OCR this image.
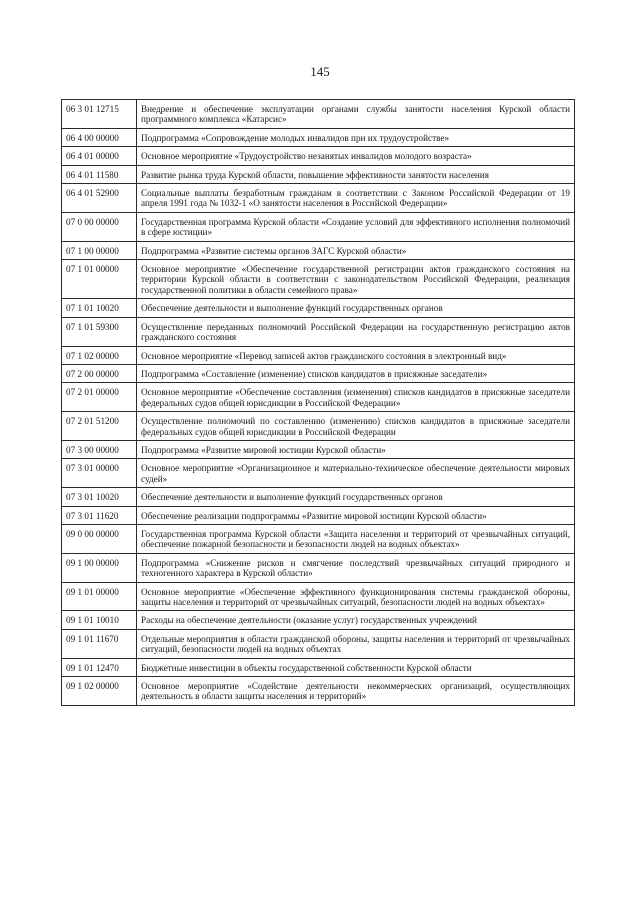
145
06 3 01 12715	Внедрение и обеспечение эксплуатации органами службы занятости населения Курской области программного комплекса «Катарсис»
06 4 00 00000	Подпрограмма «Сопровождение молодых инвалидов при их трудоустройстве»
06 4 01 00000	Основное мероприятие «Трудоустройство незанятых инвалидов молодого возраста»
06 4 01 11580	Развитие рынка труда Курской области, повышение эффективности занятости населения
06 4 01 52900	Социальные выплаты безработным гражданам в соответствии с Законом Российской Федерации от 19 апреля 1991 года № 1032-1 «О занятости населения в Российской Федерации»
07 0 00 00000	Государственная программа Курской области «Создание условий для эффективного исполнения полномочий в сфере юстиции»
07 1 00 00000	Подпрограмма «Развитие системы органов ЗАГС Курской области»
07 1 01 00000	Основное мероприятие «Обеспечение государственной регистрации актов гражданского состояния на территории Курской области в соответствии с законодательством Российской Федерации, реализация государственной политики в области семейного права»
07 1 01 10020	Обеспечение деятельности и выполнение функций государственных органов
07 1 01 59300	Осуществление переданных полномочий Российской Федерации на государственную регистрацию актов гражданского состояния
07 1 02 00000	Основное мероприятие «Перевод записей актов гражданского состояния в электронный вид»
07 2 00 00000	Подпрограмма «Составление (изменение) списков кандидатов в присяжные заседатели»
07 2 01 00000	Основное мероприятие «Обеспечение составления (изменения) списков кандидатов в присяжные заседатели федеральных судов общей юрисдикции в Российской Федерации»
07 2 01 51200	Осуществление полномочий по составлению (изменению) списков кандидатов в присяжные заседатели федеральных судов общей юрисдикции в Российской Федерации
07 3 00 00000	Подпрограмма «Развитие мировой юстиции Курской области»
07 3 01 00000	Основное мероприятие «Организационное и материально-техническое обеспечение деятельности мировых судей»
07 3 01 10020	Обеспечение деятельности и выполнение функций государственных органов
07 3 01 11620	Обеспечение реализации подпрограммы «Развитие мировой юстиции Курской области»
09 0 00 00000	Государственная программа Курской области «Защита населения и территорий от чрезвычайных ситуаций, обеспечение пожарной безопасности и безопасности людей на водных объектах»
09 1 00 00000	Подпрограмма «Снижение рисков и смягчение последствий чрезвычайных ситуаций природного и техногенного характера в Курской области»
09 1 01 00000	Основное мероприятие «Обеспечение эффективного функционирования системы гражданской обороны, защиты населения и территорий от чрезвычайных ситуаций, безопасности людей на водных объектах»
09 1 01 10010	Расходы на обеспечение деятельности (оказание услуг) государственных учреждений
09 1 01 11670	Отдельные мероприятия в области гражданской обороны, защиты населения и территорий от чрезвычайных ситуаций, безопасности людей на водных объектах
09 1 01 12470	Бюджетные инвестиции в объекты государственной собственности Курской области
09 1 02 00000	Основное мероприятие «Содействие деятельности некоммерческих организаций, осуществляющих деятельность в области защиты населения и территорий»
